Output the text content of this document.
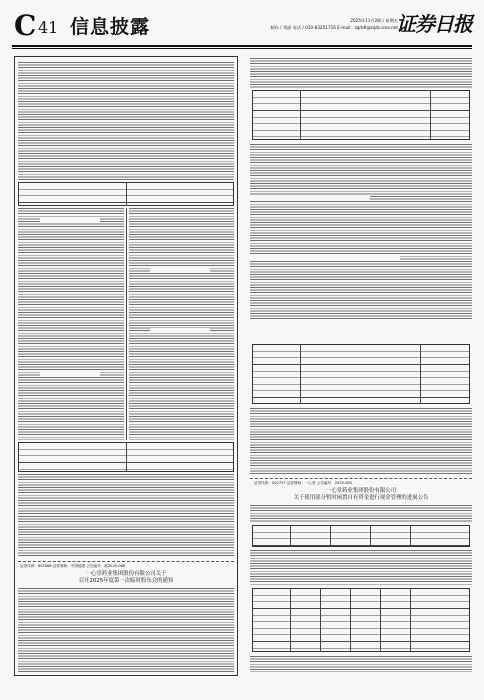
C 41 信息披露	2025年11月28日 星期五
制作 / 刘丽 电话 / 010-83251716 E-mail：zqrb9@zqrb.sina.net
证券日报
证券代码：601868 证券简称：中国能建 公告编号：临2025-068
一心堂药业集团股份有限公司关于
召开2025年度第一次临时股东会的通知
证券代码：002727 证券简称：一心堂 公告编号：2025-085
一心堂药业集团股份有限公司
关于使用部分暂时闲置自有资金进行现金管理的进展公告
